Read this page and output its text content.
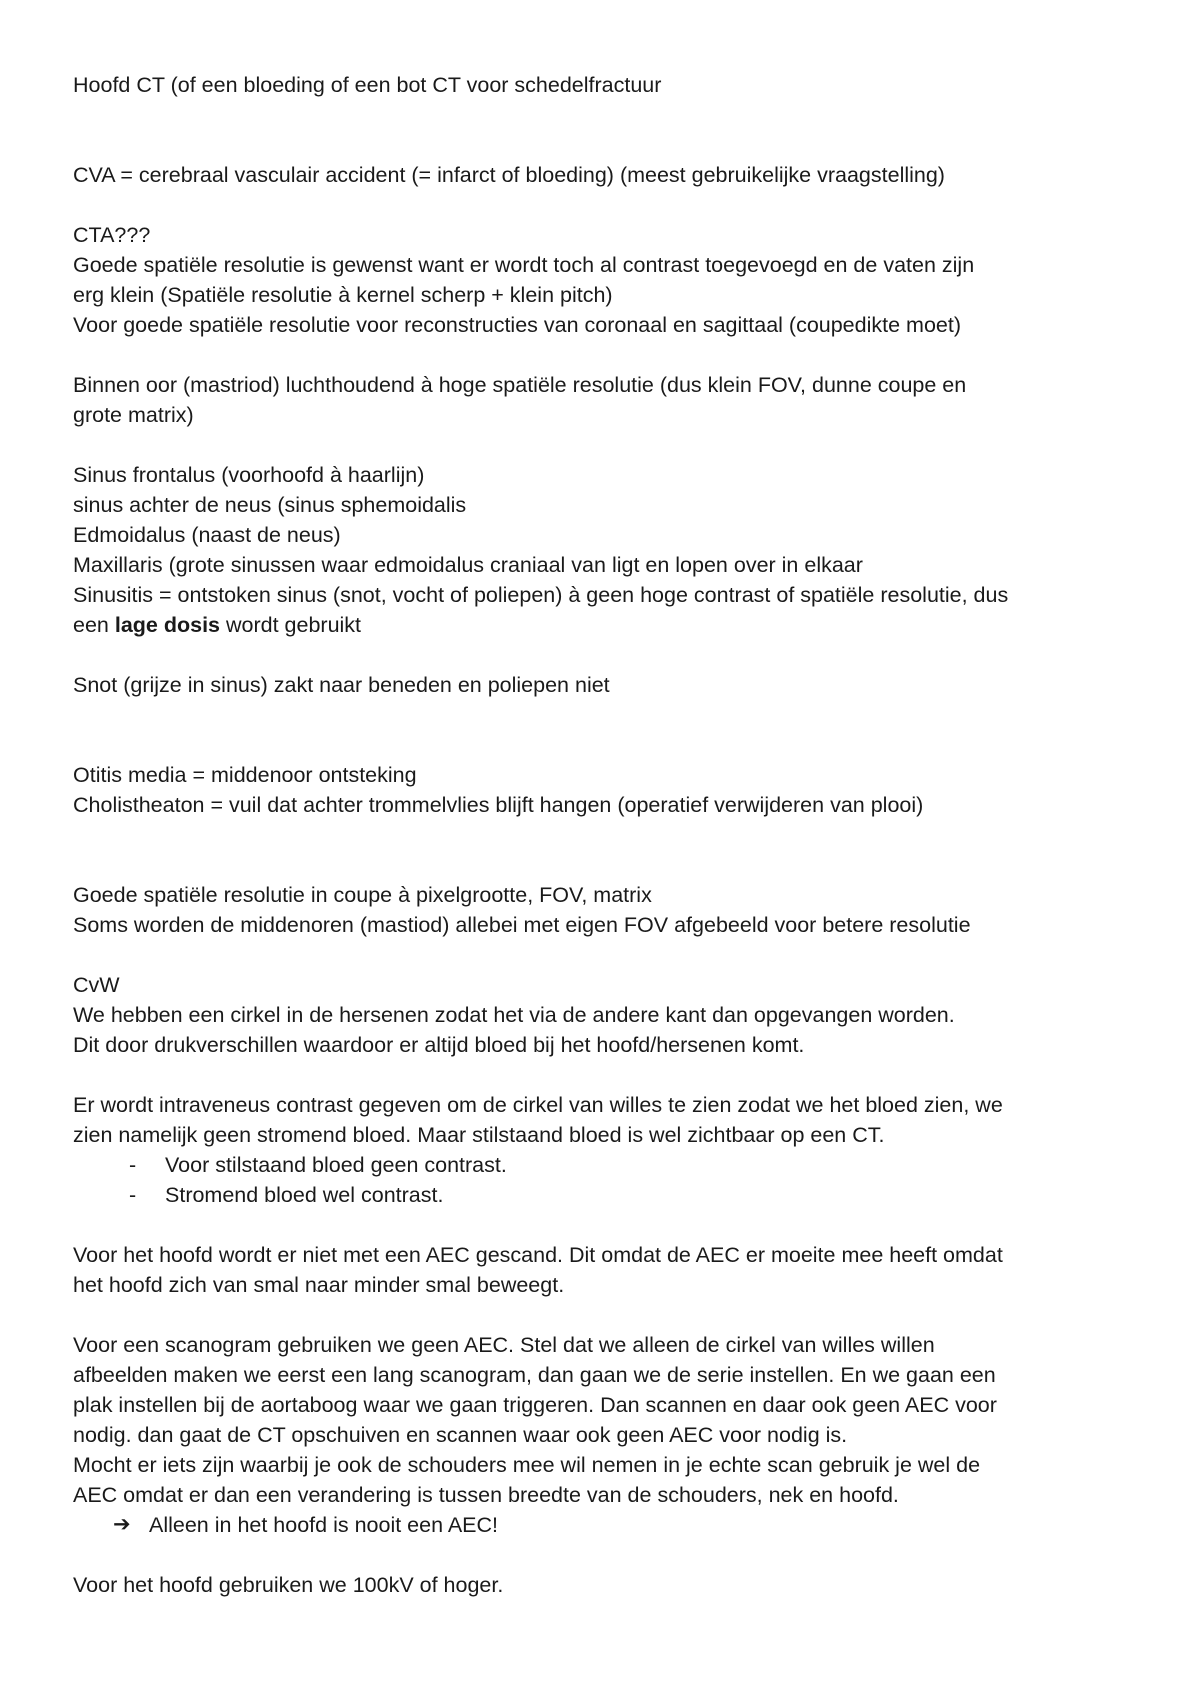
Hoofd CT (of een bloeding of een bot CT voor schedelfractuur

CVA = cerebraal vasculair accident (= infarct of bloeding) (meest gebruikelijke vraagstelling)

CTA???

Goede spatiële resolutie is gewenst want er wordt toch al contrast toegevoegd en de vaten zijn

erg klein (Spatiële resolutie à kernel scherp + klein pitch)

Voor goede spatiële resolutie voor reconstructies van coronaal en sagittaal (coupedikte moet)

Binnen oor (mastriod) luchthoudend à hoge spatiële resolutie (dus klein FOV, dunne coupe en

grote matrix)

Sinus frontalus (voorhoofd à haarlijn)

sinus achter de neus (sinus sphemoidalis

Edmoidalus (naast de neus)

Maxillaris (grote sinussen waar edmoidalus craniaal van ligt en lopen over in elkaar

Sinusitis = ontstoken sinus (snot, vocht of poliepen) à geen hoge contrast of spatiële resolutie, dus

een lage dosis wordt gebruikt

Snot (grijze in sinus) zakt naar beneden en poliepen niet

Otitis media = middenoor ontsteking

Cholistheaton = vuil dat achter trommelvlies blijft hangen (operatief verwijderen van plooi)

Goede spatiële resolutie in coupe à pixelgrootte, FOV, matrix

Soms worden de middenoren (mastiod) allebei met eigen FOV afgebeeld voor betere resolutie

CvW

We hebben een cirkel in de hersenen zodat het via de andere kant dan opgevangen worden.

Dit door drukverschillen waardoor er altijd bloed bij het hoofd/hersenen komt.

Er wordt intraveneus contrast gegeven om de cirkel van willes te zien zodat we het bloed zien, we

zien namelijk geen stromend bloed. Maar stilstaand bloed is wel zichtbaar op een CT.

-	Voor stilstaand bloed geen contrast.
-	Stromend bloed wel contrast.

Voor het hoofd wordt er niet met een AEC gescand. Dit omdat de AEC er moeite mee heeft omdat

het hoofd zich van smal naar minder smal beweegt.

Voor een scanogram gebruiken we geen AEC. Stel dat we alleen de cirkel van willes willen

afbeelden maken we eerst een lang scanogram, dan gaan we de serie instellen. En we gaan een

plak instellen bij de aortaboog waar we gaan triggeren. Dan scannen en daar ook geen AEC voor

nodig. dan gaat de CT opschuiven en scannen waar ook geen AEC voor nodig is.

Mocht er iets zijn waarbij je ook de schouders mee wil nemen in je echte scan gebruik je wel de

AEC omdat er dan een verandering is tussen breedte van de schouders, nek en hoofd.

➔ Alleen in het hoofd is nooit een AEC!

Voor het hoofd gebruiken we 100kV of hoger.
